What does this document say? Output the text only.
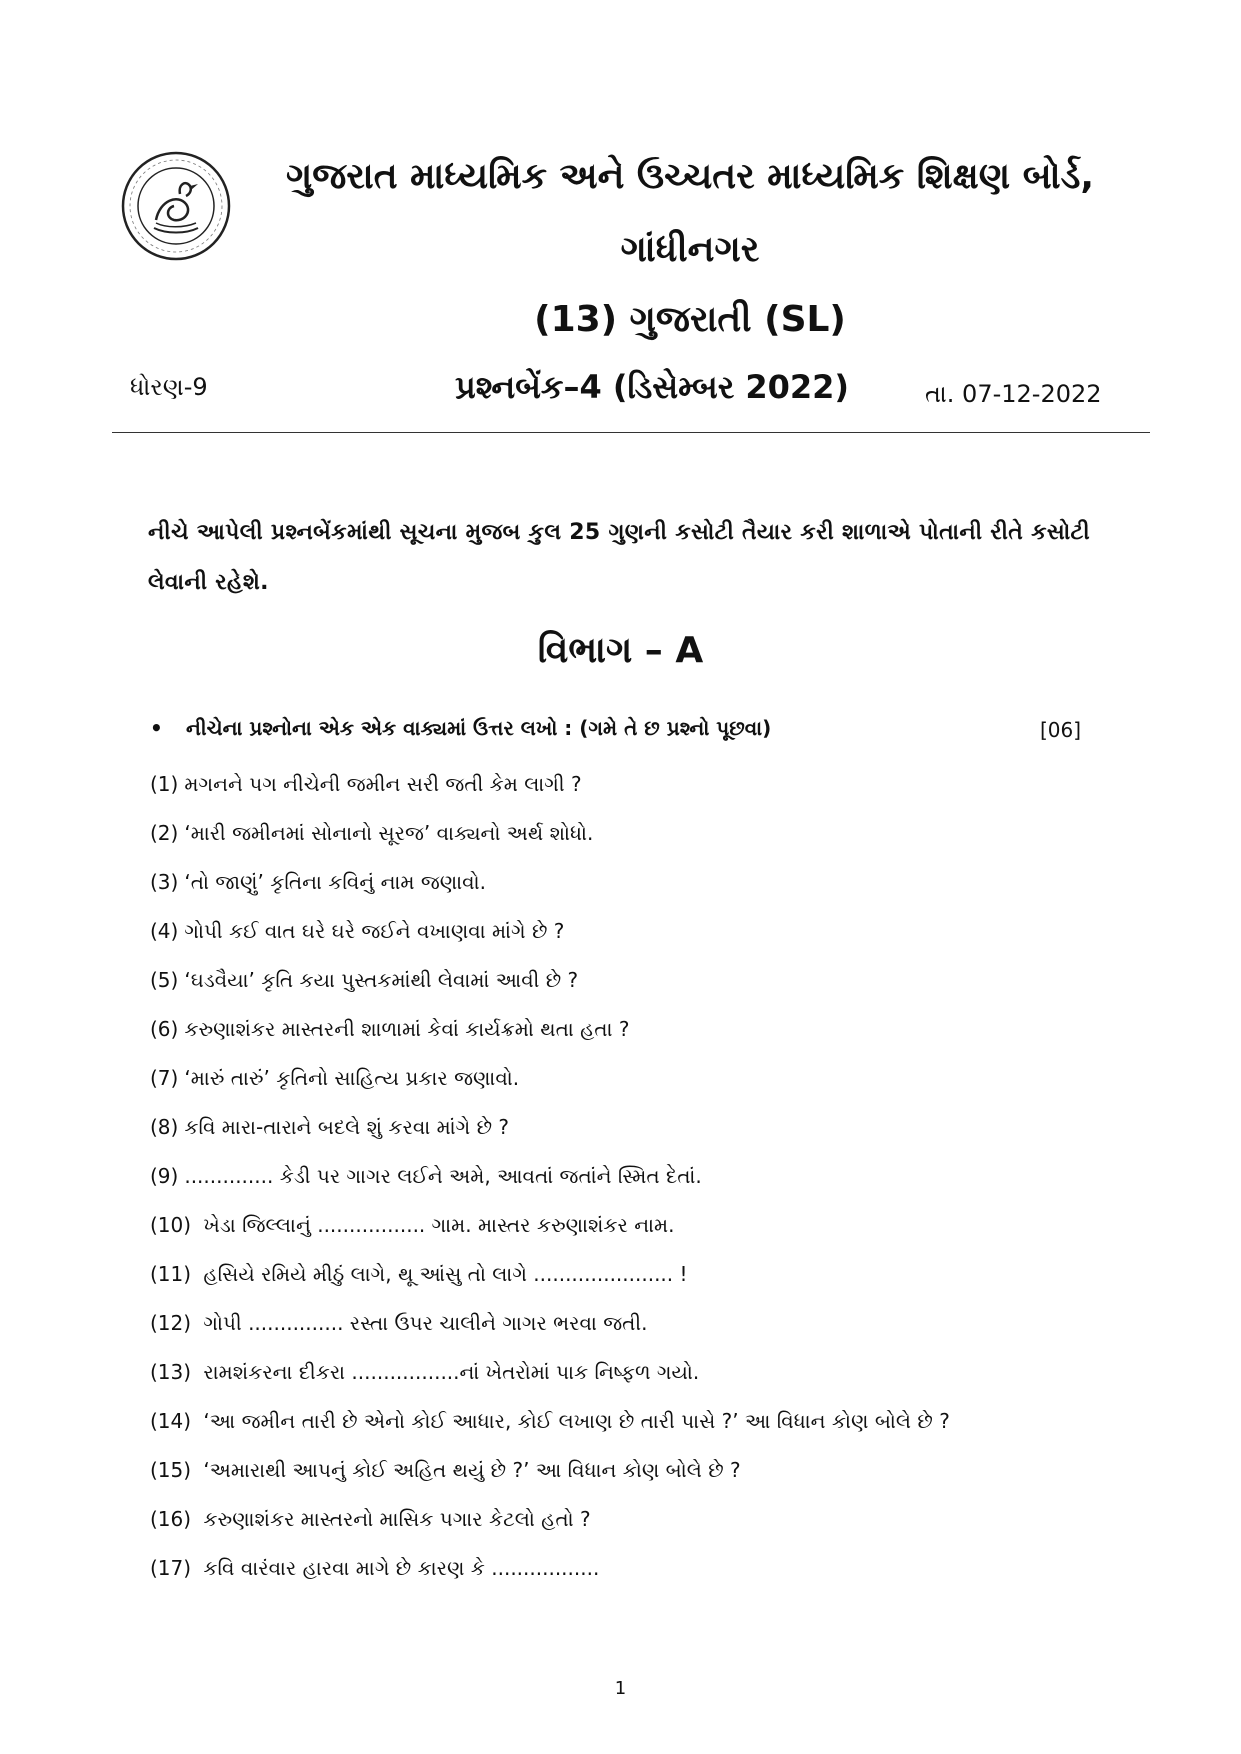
ગુજરાત માધ્યમિક અને ઉચ્ચતર માધ્યમિક શિક્ષણ બોર્ડ,
ગાંધીનગર
(13) ગુજરાતી (SL)
ધોરણ-9	પ્રશ્નબેંક–4 (ડિસેમ્બર 2022)	તા. 07-12-2022

નીચે આપેલી પ્રશ્નબેંકમાંથી સૂચના મુજબ કુલ 25 ગુણની કસોટી તૈયાર કરી શાળાએ પોતાની રીતે કસોટી લેવાની રહેશે.

વિભાગ – A
• નીચેના પ્રશ્નોના એક એક વાક્યમાં ઉત્તર લખો : (ગમે તે છ પ્રશ્નો પૂછવા)	[06]
(1) મગનને પગ નીચેની જમીન સરી જતી કેમ લાગી ?
(2) ‘મારી જમીનમાં સોનાનો સૂરજ’ વાક્યનો અર્થ શોધો.
(3) ‘તો જાણું’ કૃતિના કવિનું નામ જણાવો.
(4) ગોપી કઈ વાત ઘરે ઘરે જઈને વખાણવા માંગે છે ?
(5) ‘ઘડવૈયા’ કૃતિ કયા પુસ્તકમાંથી લેવામાં આવી છે ?
(6) કરુણાશંકર માસ્તરની શાળામાં કેવાં કાર્યક્રમો થતા હતા ?
(7) ‘મારું તારું’ કૃતિનો સાહિત્ય પ્રકાર જણાવો.
(8) કવિ મારા-તારાને બદલે શું કરવા માંગે છે ?
(9) .............. કેડી પર ગાગર લઈને અમે, આવતાં જતાંને સ્મિત દેતાં.
(10) ખેડા જિલ્લાનું ................. ગામ. માસ્તર કરુણાશંકર નામ.
(11) હસિયે રમિયે મીઠું લાગે, થૂ આંસુ તો લાગે ...................... !
(12) ગોપી ............... રસ્તા ઉપર ચાલીને ગાગર ભરવા જતી.
(13) રામશંકરના દીકરા .................નાં ખેતરોમાં પાક નિષ્ફળ ગયો.
(14) ‘આ જમીન તારી છે એનો કોઈ આધાર, કોઈ લખાણ છે તારી પાસે ?’ આ વિધાન કોણ બોલે છે ?
(15) ‘અમારાથી આપનું કોઈ અહિત થયું છે ?’ આ વિધાન કોણ બોલે છે ?
(16) કરુણાશંકર માસ્તરનો માસિક પગાર કેટલો હતો ?
(17) કવિ વારંવાર હારવા માગે છે કારણ કે .................
1
